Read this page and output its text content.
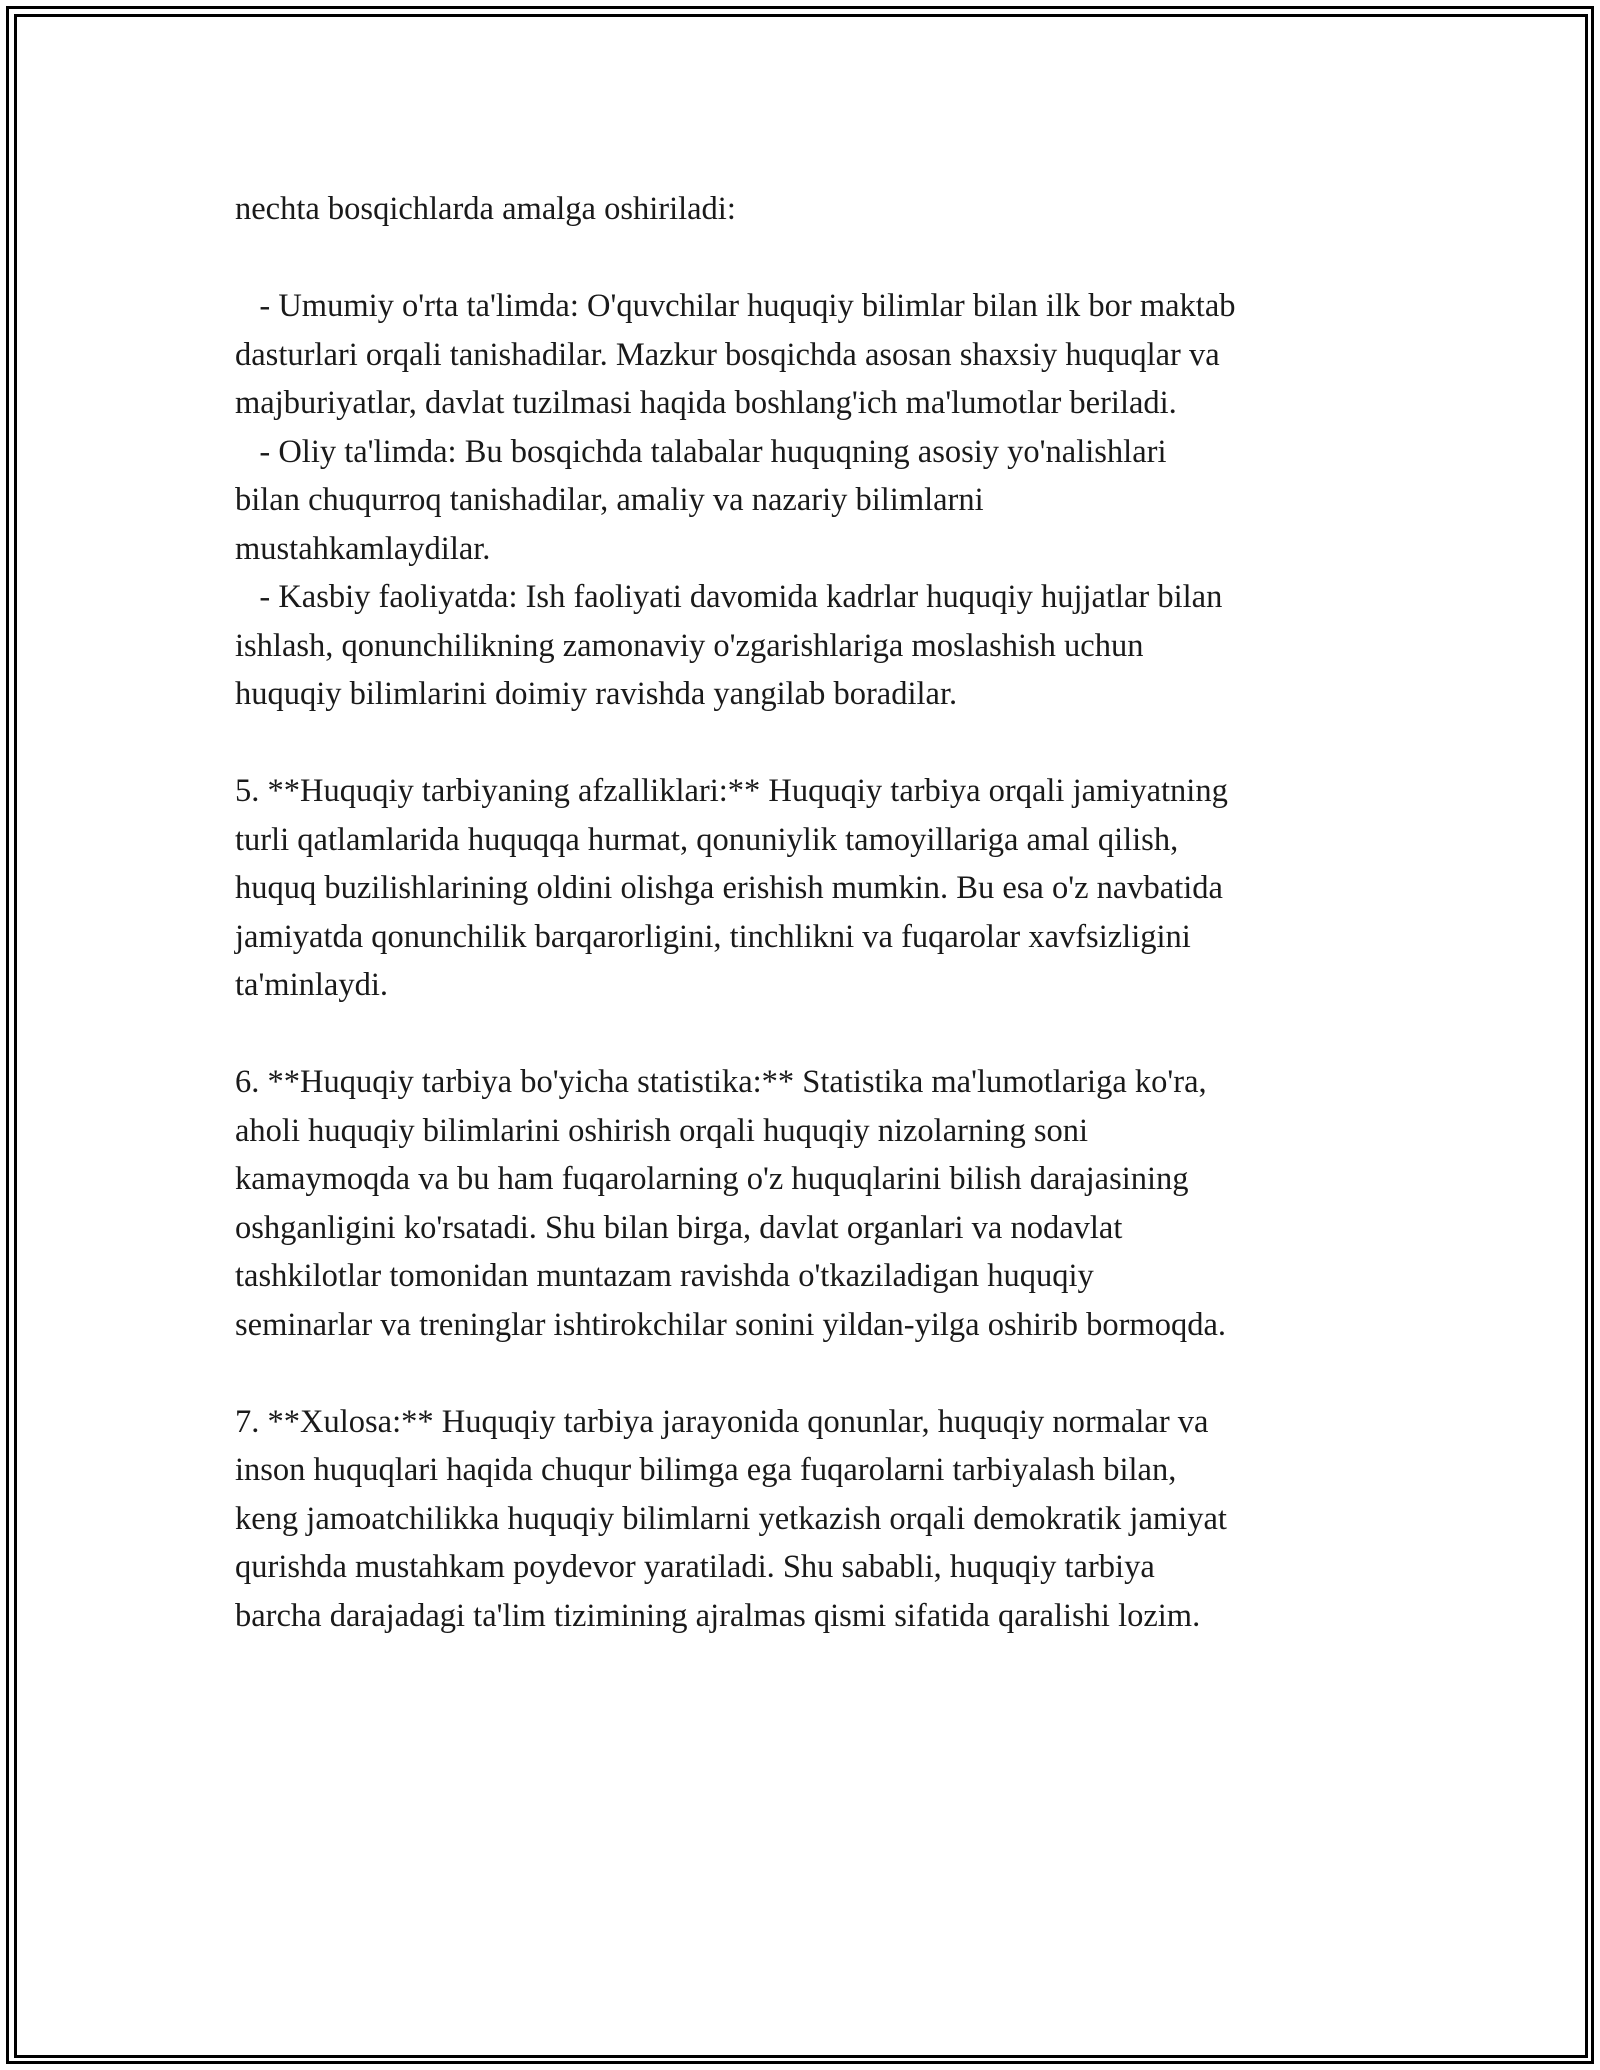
nechta bosqichlarda amalga oshiriladi:
- Umumiy o'rta ta'limda: O'quvchilar huquqiy bilimlar bilan ilk bor maktab
dasturlari orqali tanishadilar. Mazkur bosqichda asosan shaxsiy huquqlar va
majburiyatlar, davlat tuzilmasi haqida boshlang'ich ma'lumotlar beriladi.
- Oliy ta'limda: Bu bosqichda talabalar huquqning asosiy yo'nalishlari
bilan chuqurroq tanishadilar, amaliy va nazariy bilimlarni
mustahkamlaydilar.
- Kasbiy faoliyatda: Ish faoliyati davomida kadrlar huquqiy hujjatlar bilan
ishlash, qonunchilikning zamonaviy o'zgarishlariga moslashish uchun
huquqiy bilimlarini doimiy ravishda yangilab boradilar.
5. **Huquqiy tarbiyaning afzalliklari:** Huquqiy tarbiya orqali jamiyatning
turli qatlamlarida huquqqa hurmat, qonuniylik tamoyillariga amal qilish,
huquq buzilishlarining oldini olishga erishish mumkin. Bu esa o'z navbatida
jamiyatda qonunchilik barqarorligini, tinchlikni va fuqarolar xavfsizligini
ta'minlaydi.
6. **Huquqiy tarbiya bo'yicha statistika:** Statistika ma'lumotlariga ko'ra,
aholi huquqiy bilimlarini oshirish orqali huquqiy nizolarning soni
kamaymoqda va bu ham fuqarolarning o'z huquqlarini bilish darajasining
oshganligini ko'rsatadi. Shu bilan birga, davlat organlari va nodavlat
tashkilotlar tomonidan muntazam ravishda o'tkaziladigan huquqiy
seminarlar va treninglar ishtirokchilar sonini yildan-yilga oshirib bormoqda.
7. **Xulosa:** Huquqiy tarbiya jarayonida qonunlar, huquqiy normalar va
inson huquqlari haqida chuqur bilimga ega fuqarolarni tarbiyalash bilan,
keng jamoatchilikka huquqiy bilimlarni yetkazish orqali demokratik jamiyat
qurishda mustahkam poydevor yaratiladi. Shu sababli, huquqiy tarbiya
barcha darajadagi ta'lim tizimining ajralmas qismi sifatida qaralishi lozim.
